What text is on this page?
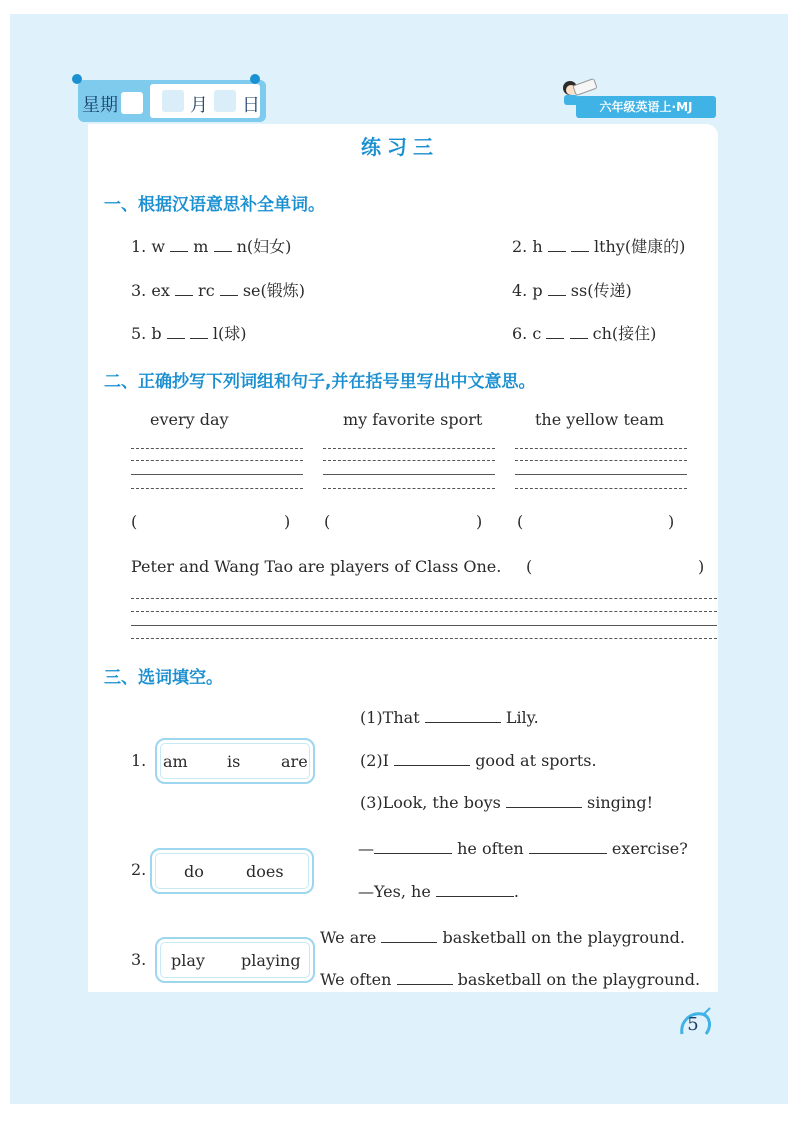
星期	月 日	六年级英语上·MJ
练习三
一、根据汉语意思补全单词。
1. w m n(妇女)	2. h	lthy(健康的)
3. ex rc se(锻炼)	4. p ss(传递)
5. b	l(球)	6. c	ch(接住)
二、正确抄写下列词组和句子,并在括号里写出中文意思。
every day	my favorite sport	the yellow team
(	) (	) (	)
Peter and Wang Tao are players of Class One. (	)
三、选词填空。
1. am is	are
(1)That	Lily.
(2)I	good at sports.
(3)Look, the boys	singing!
2. do	does
—	he often	exercise?
—Yes, he	.
3. play playing
We are	basketball on the playground.
We often	basketball on the playground.
5
